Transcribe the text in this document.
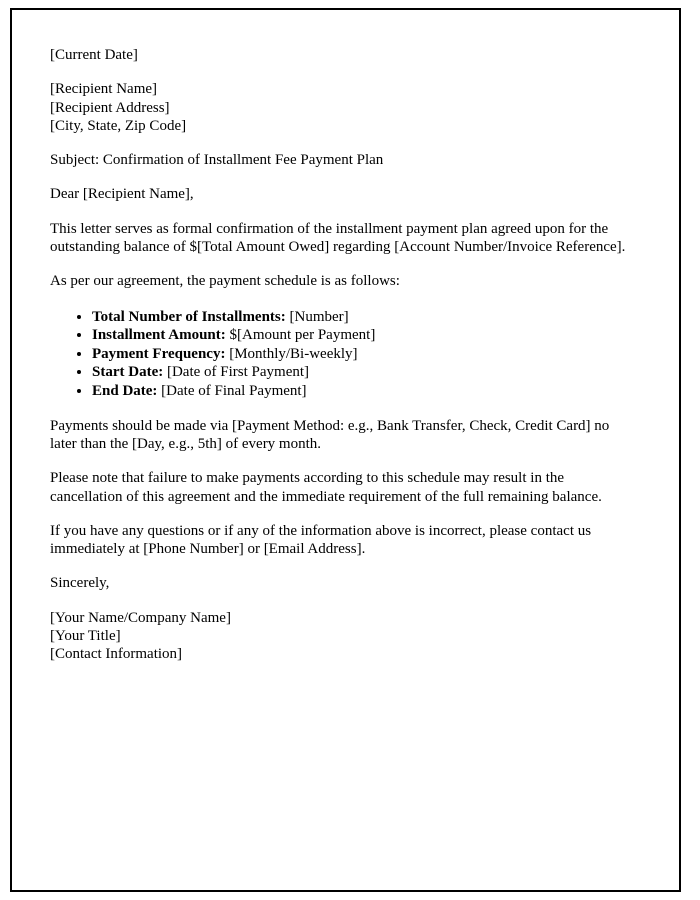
[Current Date]

[Recipient Name]

[Recipient Address]

[City, State, Zip Code]

Subject: Confirmation of Installment Fee Payment Plan

Dear [Recipient Name],

This letter serves as formal confirmation of the installment payment plan agreed upon for the outstanding balance of $[Total Amount Owed] regarding [Account Number/Invoice Reference].

As per our agreement, the payment schedule is as follows:

• Total Number of Installments: [Number]
• Installment Amount: $[Amount per Payment]
• Payment Frequency: [Monthly/Bi-weekly]
• Start Date: [Date of First Payment]
• End Date: [Date of Final Payment]

Payments should be made via [Payment Method: e.g., Bank Transfer, Check, Credit Card] no later than the [Day, e.g., 5th] of every month.

Please note that failure to make payments according to this schedule may result in the cancellation of this agreement and the immediate requirement of the full remaining balance.

If you have any questions or if any of the information above is incorrect, please contact us immediately at [Phone Number] or [Email Address].

Sincerely,

[Your Name/Company Name]

[Your Title]

[Contact Information]
